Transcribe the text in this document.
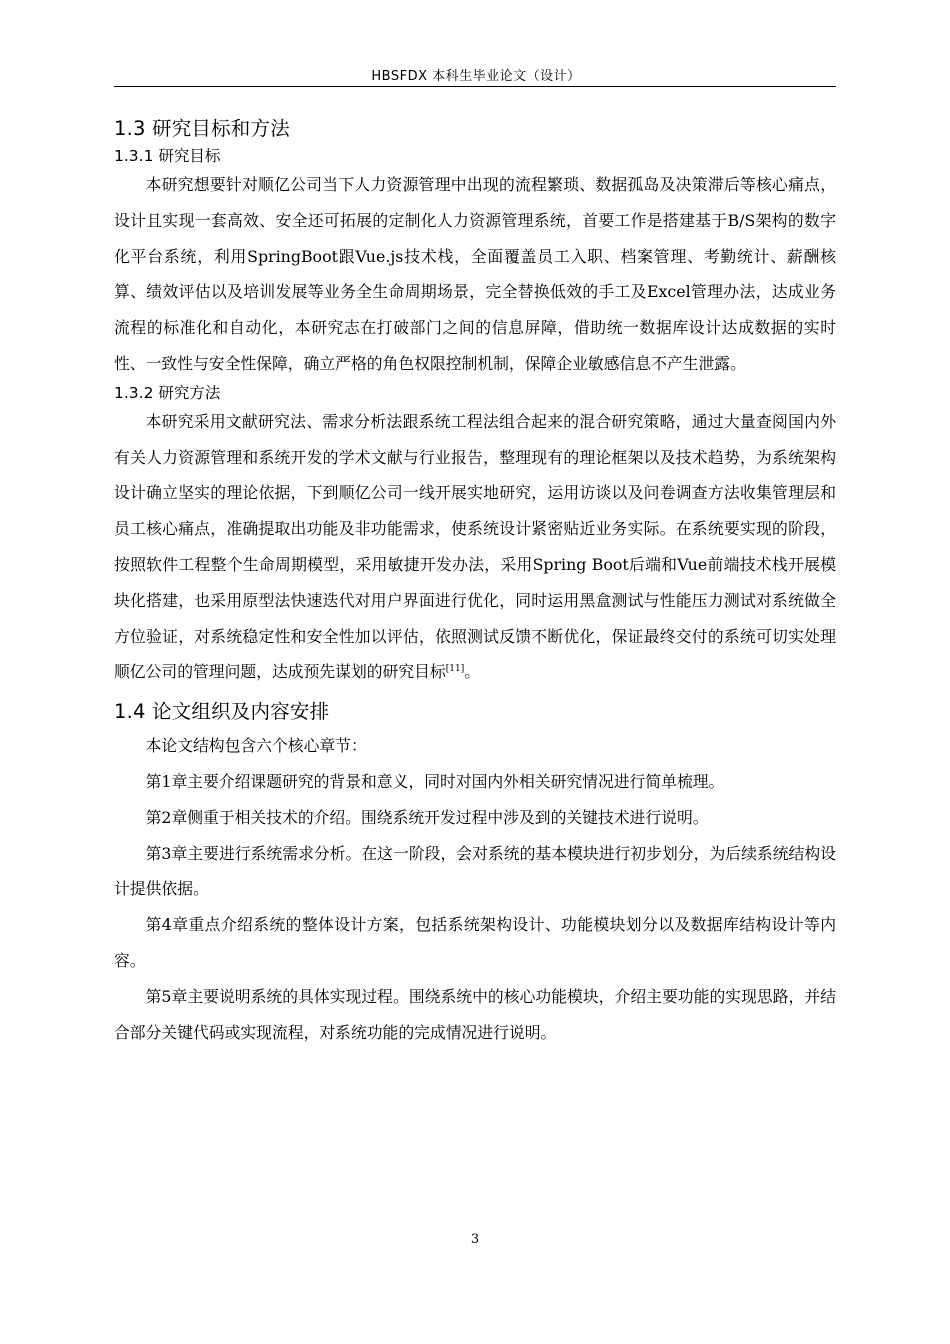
HBSFDX 本科生毕业论文（设计）
1.3 研究目标和方法
1.3.1 研究目标

本研究想要针对顺亿公司当下人力资源管理中出现的流程繁琐、数据孤岛及决策滞后等核心痛点，设计且实现一套高效、安全还可拓展的定制化人力资源管理系统，首要工作是搭建基于B/S架构的数字化平台系统，利用SpringBoot跟Vue.js技术栈，全面覆盖员工入职、档案管理、考勤统计、薪酬核算、绩效评估以及培训发展等业务全生命周期场景，完全替换低效的手工及Excel管理办法，达成业务流程的标准化和自动化，本研究志在打破部门之间的信息屏障，借助统一数据库设计达成数据的实时性、一致性与安全性保障，确立严格的角色权限控制机制，保障企业敏感信息不产生泄露。

1.3.2 研究方法

本研究采用文献研究法、需求分析法跟系统工程法组合起来的混合研究策略，通过大量查阅国内外有关人力资源管理和系统开发的学术文献与行业报告，整理现有的理论框架以及技术趋势，为系统架构设计确立坚实的理论依据，下到顺亿公司一线开展实地研究，运用访谈以及问卷调查方法收集管理层和员工核心痛点，准确提取出功能及非功能需求，使系统设计紧密贴近业务实际。在系统要实现的阶段，按照软件工程整个生命周期模型，采用敏捷开发办法，采用Spring Boot后端和Vue前端技术栈开展模块化搭建，也采用原型法快速迭代对用户界面进行优化，同时运用黑盒测试与性能压力测试对系统做全方位验证，对系统稳定性和安全性加以评估，依照测试反馈不断优化，保证最终交付的系统可切实处理顺亿公司的管理问题，达成预先谋划的研究目标[11]。

1.4 论文组织及内容安排

本论文结构包含六个核心章节：

第1章主要介绍课题研究的背景和意义，同时对国内外相关研究情况进行简单梳理。

第2章侧重于相关技术的介绍。围绕系统开发过程中涉及到的关键技术进行说明。

第3章主要进行系统需求分析。在这一阶段，会对系统的基本模块进行初步划分，为后续系统结构设计提供依据。

第4章重点介绍系统的整体设计方案，包括系统架构设计、功能模块划分以及数据库结构设计等内容。

第5章主要说明系统的具体实现过程。围绕系统中的核心功能模块，介绍主要功能的实现思路，并结合部分关键代码或实现流程，对系统功能的完成情况进行说明。

3
